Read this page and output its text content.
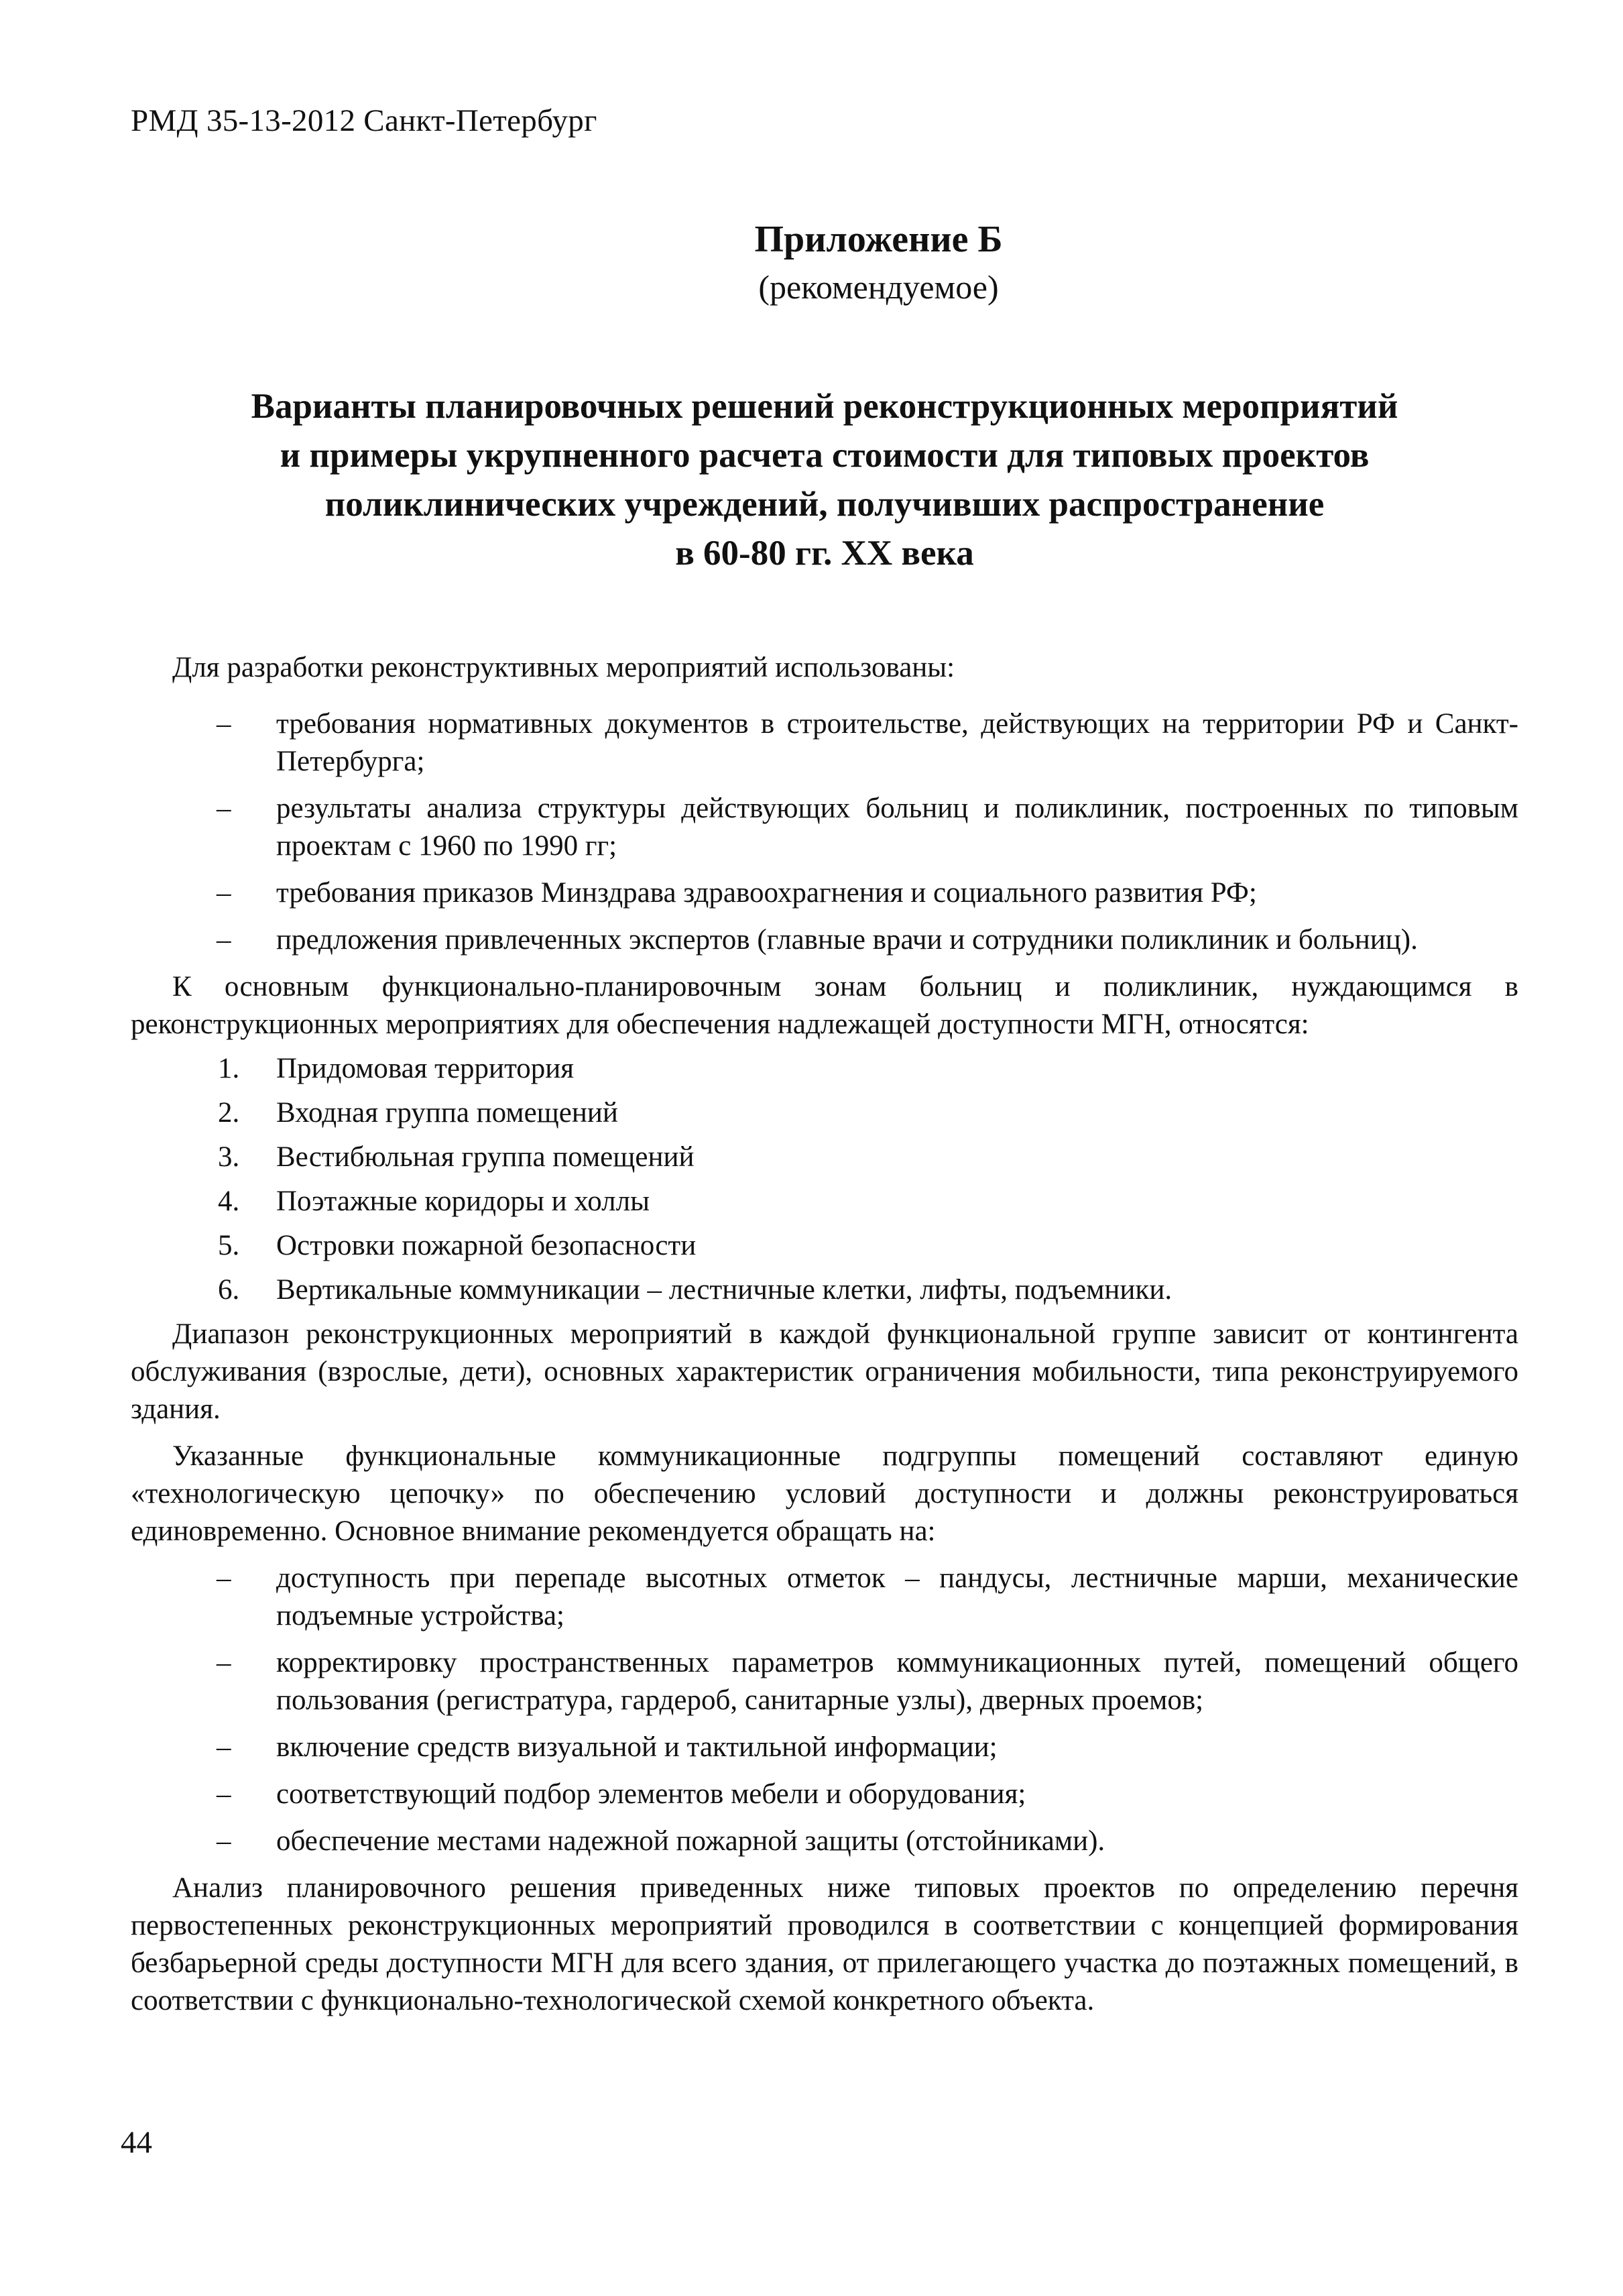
РМД 35-13-2012 Санкт-Петербург
Приложение Б
(рекомендуемое)
Варианты планировочных решений реконструкционных мероприятий
и примеры укрупненного расчета стоимости для типовых проектов
поликлинических учреждений, получивших распространение
в 60-80 гг. XX века

Для разработки реконструктивных мероприятий использованы:

– требования нормативных документов в строительстве, действующих на территории РФ и Санкт-Петербурга;
– результаты анализа структуры действующих больниц и поликлиник, построенных по типовым проектам с 1960 по 1990 гг;
– требования приказов Минздрава здравоохрагнения и социального развития РФ;
– предложения привлеченных экспертов (главные врачи и сотрудники поликлиник и больниц).

К основным функционально-планировочным зонам больниц и поликлиник, нуждающимся в реконструкционных мероприятиях для обеспечения надлежащей доступности МГН, относятся:

1. Придомовая территория
2. Входная группа помещений
3. Вестибюльная группа помещений
4. Поэтажные коридоры и холлы
5. Островки пожарной безопасности
6. Вертикальные коммуникации – лестничные клетки, лифты, подъемники.

Диапазон реконструкционных мероприятий в каждой функциональной группе зависит от контингента обслуживания (взрослые, дети), основных характеристик ограничения мобильности, типа реконструируемого здания.

Указанные функциональные коммуникационные подгруппы помещений составляют единую «технологическую цепочку» по обеспечению условий доступности и должны реконструироваться единовременно. Основное внимание рекомендуется обращать на:

– доступность при перепаде высотных отметок – пандусы, лестничные марши, механические подъемные устройства;
– корректировку пространственных параметров коммуникационных путей, помещений общего пользования (регистратура, гардероб, санитарные узлы), дверных проемов;
– включение средств визуальной и тактильной информации;
– соответствующий подбор элементов мебели и оборудования;
– обеспечение местами надежной пожарной защиты (отстойниками).

Анализ планировочного решения приведенных ниже типовых проектов по определению перечня первостепенных реконструкционных мероприятий проводился в соответствии с концепцией формирования безбарьерной среды доступности МГН для всего здания, от прилегающего участка до поэтажных помещений, в соответствии с функционально-технологической схемой конкретного объекта.

44
